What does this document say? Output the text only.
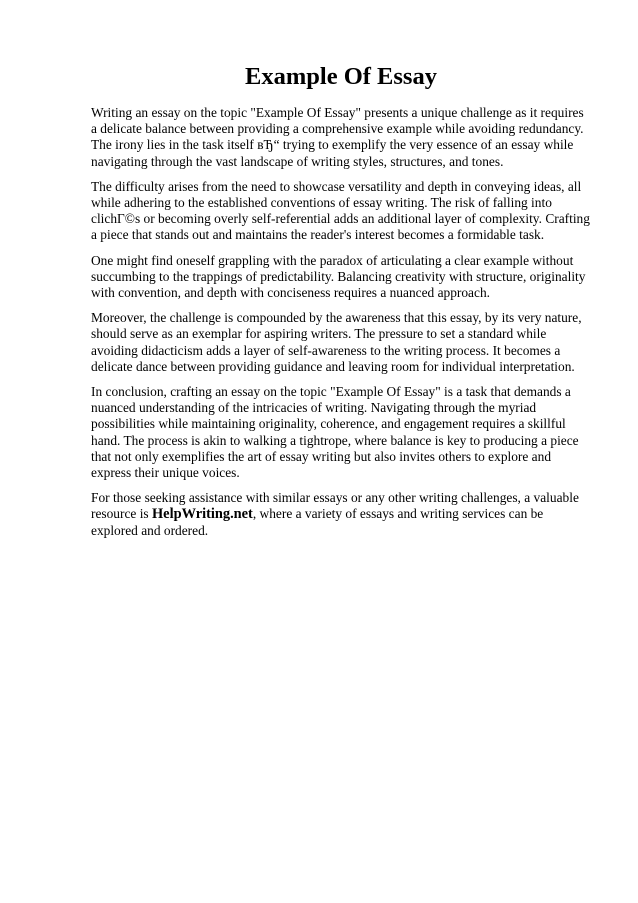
Example Of Essay

Writing an essay on the topic "Example Of Essay" presents a unique challenge as it requires a delicate balance between providing a comprehensive example while avoiding redundancy. The irony lies in the task itself вЂ“ trying to exemplify the very essence of an essay while navigating through the vast landscape of writing styles, structures, and tones.

The difficulty arises from the need to showcase versatility and depth in conveying ideas, all while adhering to the established conventions of essay writing. The risk of falling into clichГ©s or becoming overly self-referential adds an additional layer of complexity. Crafting a piece that stands out and maintains the reader's interest becomes a formidable task.

One might find oneself grappling with the paradox of articulating a clear example without succumbing to the trappings of predictability. Balancing creativity with structure, originality with convention, and depth with conciseness requires a nuanced approach.

Moreover, the challenge is compounded by the awareness that this essay, by its very nature, should serve as an exemplar for aspiring writers. The pressure to set a standard while avoiding didacticism adds a layer of self-awareness to the writing process. It becomes a delicate dance between providing guidance and leaving room for individual interpretation.

In conclusion, crafting an essay on the topic "Example Of Essay" is a task that demands a nuanced understanding of the intricacies of writing. Navigating through the myriad possibilities while maintaining originality, coherence, and engagement requires a skillful hand. The process is akin to walking a tightrope, where balance is key to producing a piece that not only exemplifies the art of essay writing but also invites others to explore and express their unique voices.

For those seeking assistance with similar essays or any other writing challenges, a valuable resource is HelpWriting.net, where a variety of essays and writing services can be explored and ordered.
